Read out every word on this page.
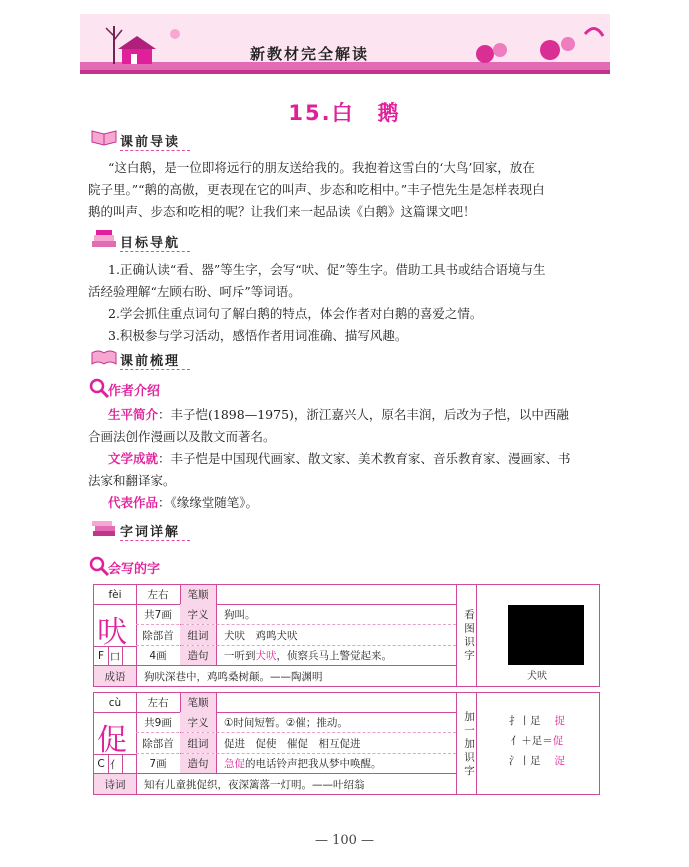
新教材完全解读
15.白　鹅
课前导读
“这白鹅，是一位即将远行的朋友送给我的。我抱着这雪白的‘大鸟’回家，放在
院子里。”“鹅的高傲，更表现在它的叫声、步态和吃相中。”丰子恺先生是怎样表现白
鹅的叫声、步态和吃相的呢？让我们来一起品读《白鹅》这篇课文吧！
目标导航
1.正确认读“看、器”等生字，会写“吠、促”等生字。借助工具书或结合语境与生
活经验理解“左顾右盼、呵斥”等词语。
2.学会抓住重点词句了解白鹅的特点，体会作者对白鹅的喜爱之情。
3.积极参与学习活动，感悟作者用词准确、描写风趣。
课前梳理
作者介绍
生平简介：丰子恺(1898—1975)，浙江嘉兴人，原名丰润，后改为子恺，以中西融
合画法创作漫画以及散文而著名。
文学成就：丰子恺是中国现代画家、散文家、美术教育家、音乐教育家、漫画家、书
法家和翻译家。
代表作品：《缘缘堂随笔》。
字词详解
会写的字
fèi	左右	笔顺
吠
F 口
共7画	字义	狗叫。
除部首	组词	犬吠　鸡鸣犬吠
4画	造句	一听到 犬吠 ，侦察兵马上警觉起来。
成语	狗吠深巷中，鸡鸣桑树颠。——陶渊明
看图识字
犬吠
cù	左右	笔顺
促
C 亻
共9画	字义	①时间短暂。②催；推动。
除部首	组词	促进　促使　催促　相互促进
7画	造句	急促 的电话铃声把我从梦中唤醒。
诗词	知有儿童挑促织，夜深篱落一灯明。——叶绍翁
加一加识字	扌丨足 捉
亻＋足＝ 促
氵丨足 浞
— 100 —
